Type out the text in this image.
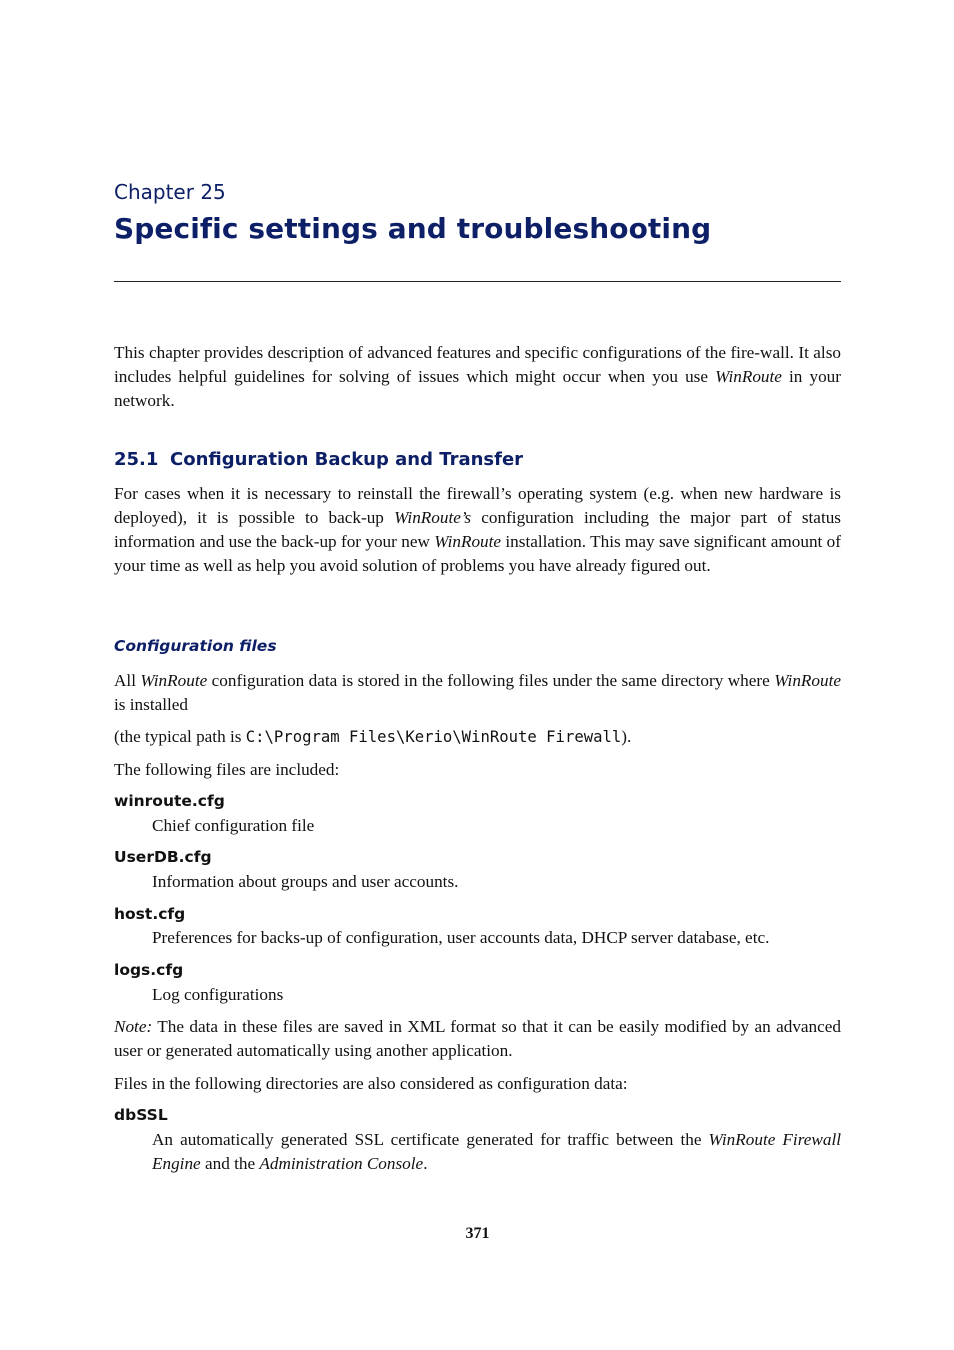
Chapter 25
Specific settings and troubleshooting

This chapter provides description of advanced features and specific configurations of the fire-wall. It also includes helpful guidelines for solving of issues which might occur when you use WinRoute in your network.

25.1 Configuration Backup and Transfer

For cases when it is necessary to reinstall the firewall’s operating system (e.g. when new hardware is deployed), it is possible to back-up WinRoute’s configuration including the major part of status information and use the back-up for your new WinRoute installation. This may save significant amount of your time as well as help you avoid solution of problems you have already figured out.

Configuration files

All WinRoute configuration data is stored in the following files under the same directory where WinRoute is installed

(the typical path is C:\Program Files\Kerio\WinRoute Firewall).

The following files are included:

winroute.cfg

Chief configuration file

UserDB.cfg

Information about groups and user accounts.

host.cfg

Preferences for backs-up of configuration, user accounts data, DHCP server database, etc.

logs.cfg

Log configurations

Note: The data in these files are saved in XML format so that it can be easily modified by an advanced user or generated automatically using another application.

Files in the following directories are also considered as configuration data:

dbSSL

An automatically generated SSL certificate generated for traffic between the WinRoute Firewall Engine and the Administration Console.

371
